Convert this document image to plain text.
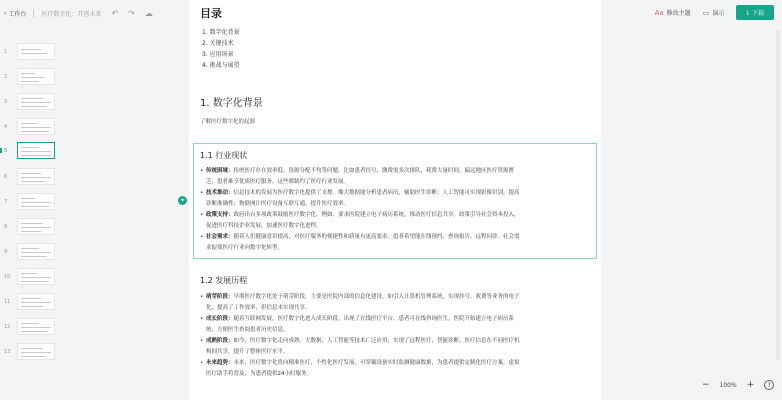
‹ 工作台	医疗数字化：开创未来 ↶ ↷ ☁	Aa 修改主题 ▭ 演示	⤓ 下载
1
2
3
4
5
6
7
8
9
10
11
12
13
目录
1. 数字化背景
2. 关键技术
3. 应用场景
4. 挑战与展望
1. 数字化背景
了解医疗数字化的起源
✦
1.1 行业现状
• 传统困境：传统医疗存在效率低、资源分配不均等问题。比如患者挂号、缴费需多次排队，耗费大量时间。偏远地区医疗资源匮
乏，患者难享优质医疗服务，这些都制约了医疗行业发展。
• 技术推动：信息技术的发展为医疗数字化提供了支撑。像大数据能分析患者病历，辅助医生诊断；人工智能可实现影像识别，提高
诊断准确性；物联网让医疗设备互联互通，提升医疗效率。
• 政策支持：政府出台多项政策鼓励医疗数字化。例如，要求医院建立电子病历系统，推动医疗信息共享。政策引导社会资本投入，
促进医疗科技企业发展，加速医疗数字化进程。
• 社会需求：随着人们健康意识提高，对医疗服务的便捷性和质量有更高要求。患者希望能在线预约、查询报告、远程问诊。社会需
求促使医疗行业向数字化转型。
1.2 发展历程
• 萌芽阶段：早期医疗数字化处于萌芽阶段，主要是医院内部的信息化建设。如引入计算机管理系统，实现挂号、收费等业务的电子
化，提高了工作效率，但信息未实现共享。
• 成长阶段：随着互联网发展，医疗数字化进入成长阶段。出现了在线医疗平台，患者可在线咨询医生。医院开始建立电子病历系
统，方便医生查阅患者历史信息。
• 成熟阶段：如今，医疗数字化走向成熟。大数据、人工智能等技术广泛应用，实现了远程医疗、智能诊断。医疗信息在不同医疗机
构间共享，提升了整体医疗水平。
• 未来趋势：未来，医疗数字化将向精准医疗、个性化医疗发展。可穿戴设备实时监测健康数据，为患者提供定制化医疗方案。虚拟
医疗助手将普及，为患者提供24小时服务。
− 100% +	?
